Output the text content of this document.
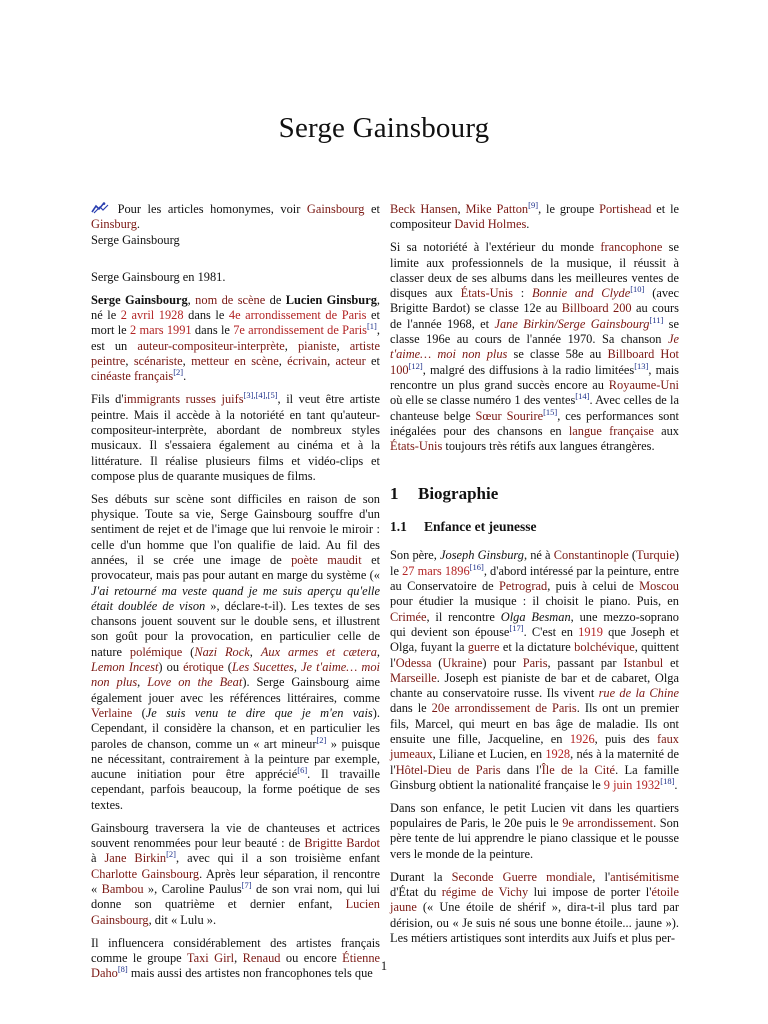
Serge Gainsbourg

Pour les articles homonymes, voir Gainsbourg et Ginsburg.

Serge Gainsbourg

Serge Gainsbourg en 1981.

Serge Gainsbourg, nom de scène de Lucien Ginsburg, né le 2 avril 1928 dans le 4e arrondissement de Paris et mort le 2 mars 1991 dans le 7e arrondissement de Paris[1], est un auteur-compositeur-interprète, pianiste, artiste peintre, scénariste, metteur en scène, écrivain, acteur et cinéaste français[2].

Fils d'immigrants russes juifs[3],[4],[5], il veut être artiste peintre. Mais il accède à la notoriété en tant qu'auteur-compositeur-interprète, abordant de nombreux styles musicaux. Il s'essaiera également au cinéma et à la littérature. Il réalise plusieurs films et vidéo-clips et compose plus de quarante musiques de films.

Ses débuts sur scène sont difficiles en raison de son physique. Toute sa vie, Serge Gainsbourg souffre d'un sentiment de rejet et de l'image que lui renvoie le miroir : celle d'un homme que l'on qualifie de laid. Au fil des années, il se crée une image de poète maudit et provocateur, mais pas pour autant en marge du système (« J'ai retourné ma veste quand je me suis aperçu qu'elle était doublée de vison », déclare-t-il). Les textes de ses chansons jouent souvent sur le double sens, et illustrent son goût pour la provocation, en particulier celle de nature polémique (Nazi Rock, Aux armes et cætera, Lemon Incest) ou érotique (Les Sucettes, Je t'aime… moi non plus, Love on the Beat). Serge Gainsbourg aime également jouer avec les références littéraires, comme Verlaine (Je suis venu te dire que je m'en vais). Cependant, il considère la chanson, et en particulier les paroles de chanson, comme un « art mineur[2] » puisque ne nécessitant, contrairement à la peinture par exemple, aucune initiation pour être apprécié[6]. Il travaille cependant, parfois beaucoup, la forme poétique de ses textes.

Gainsbourg traversera la vie de chanteuses et actrices souvent renommées pour leur beauté : de Brigitte Bardot à Jane Birkin[2], avec qui il a son troisième enfant Charlotte Gainsbourg. Après leur séparation, il rencontre « Bambou », Caroline Paulus[7] de son vrai nom, qui lui donne son quatrième et dernier enfant, Lucien Gainsbourg, dit « Lulu ».

Il influencera considérablement des artistes français comme le groupe Taxi Girl, Renaud ou encore Étienne Daho[8] mais aussi des artistes non francophones tels que

Beck Hansen, Mike Patton[9], le groupe Portishead et le compositeur David Holmes.

Si sa notoriété à l'extérieur du monde francophone se limite aux professionnels de la musique, il réussit à classer deux de ses albums dans les meilleures ventes de disques aux États-Unis : Bonnie and Clyde[10] (avec Brigitte Bardot) se classe 12e au Billboard 200 au cours de l'année 1968, et Jane Birkin/Serge Gainsbourg[11] se classe 196e au cours de l'année 1970. Sa chanson Je t'aime… moi non plus se classe 58e au Billboard Hot 100[12], malgré des diffusions à la radio limitées[13], mais rencontre un plus grand succès encore au Royaume-Uni où elle se classe numéro 1 des ventes[14]. Avec celles de la chanteuse belge Sœur Sourire[15], ces performances sont inégalées pour des chansons en langue française aux États-Unis toujours très rétifs aux langues étrangères.

1 Biographie
1.1 Enfance et jeunesse

Son père, Joseph Ginsburg, né à Constantinople (Turquie) le 27 mars 1896[16], d'abord intéressé par la peinture, entre au Conservatoire de Petrograd, puis à celui de Moscou pour étudier la musique : il choisit le piano. Puis, en Crimée, il rencontre Olga Besman, une mezzo-soprano qui devient son épouse[17]. C'est en 1919 que Joseph et Olga, fuyant la guerre et la dictature bolchévique, quittent l'Odessa (Ukraine) pour Paris, passant par Istanbul et Marseille. Joseph est pianiste de bar et de cabaret, Olga chante au conservatoire russe. Ils vivent rue de la Chine dans le 20e arrondissement de Paris. Ils ont un premier fils, Marcel, qui meurt en bas âge de maladie. Ils ont ensuite une fille, Jacqueline, en 1926, puis des faux jumeaux, Liliane et Lucien, en 1928, nés à la maternité de l'Hôtel-Dieu de Paris dans l'Île de la Cité. La famille Ginsburg obtient la nationalité française le 9 juin 1932[18].

Dans son enfance, le petit Lucien vit dans les quartiers populaires de Paris, le 20e puis le 9e arrondissement. Son père tente de lui apprendre le piano classique et le pousse vers le monde de la peinture.

Durant la Seconde Guerre mondiale, l'antisémitisme d'État du régime de Vichy lui impose de porter l'étoile jaune (« Une étoile de shérif », dira-t-il plus tard par dérision, ou « Je suis né sous une bonne étoile... jaune »). Les métiers artistiques sont interdits aux Juifs et plus per-

1
